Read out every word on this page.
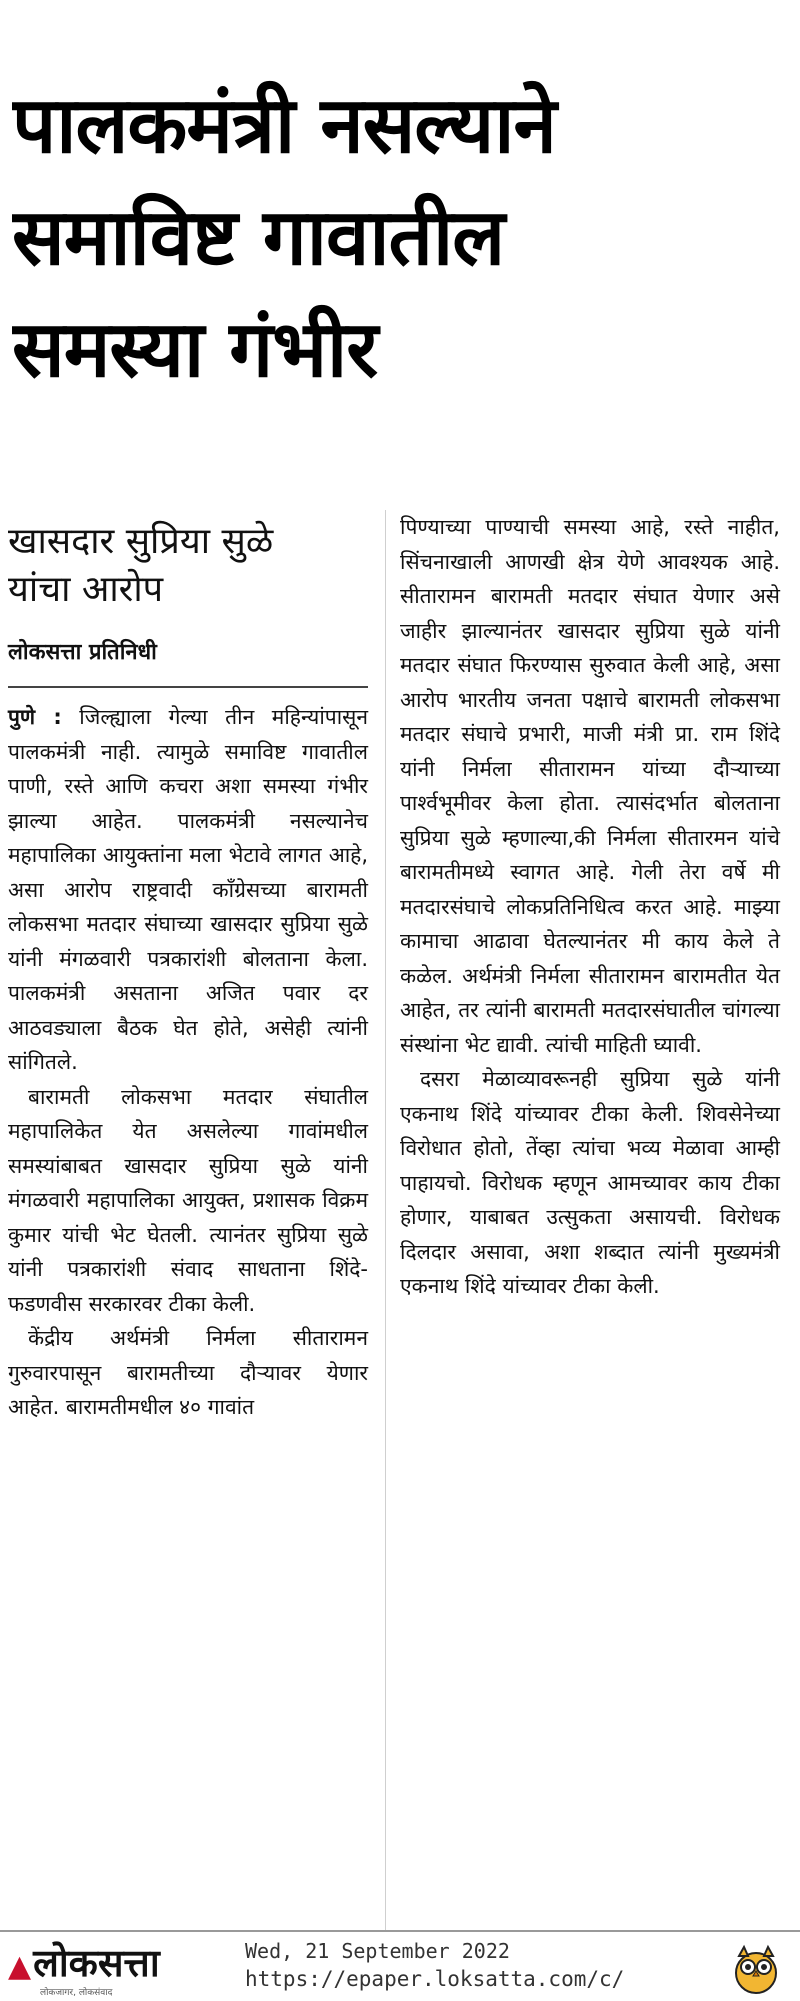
पालकमंत्री नसल्याने
समाविष्ट गावातील
समस्या गंभीर
खासदार सुप्रिया सुळे
यांचा आरोप
लोकसत्ता प्रतिनिधी

पुणे : जिल्ह्याला गेल्या तीन महिन्यांपासून पालकमंत्री नाही. त्यामुळे समाविष्ट गावातील पाणी, रस्ते आणि कचरा अशा समस्या गंभीर झाल्या आहेत. पालकमंत्री नसल्यानेच महापालिका आयुक्तांना मला भेटावे लागत आहे, असा आरोप राष्ट्रवादी काँग्रेसच्या बारामती लोकसभा मतदार संघाच्या खासदार सुप्रिया सुळे यांनी मंगळवारी पत्रकारांशी बोलताना केला. पालकमंत्री असताना अजित पवार दर आठवड्याला बैठक घेत होते, असेही त्यांनी सांगितले.

बारामती लोकसभा मतदार संघातील महापालिकेत येत असलेल्या गावांमधील समस्यांबाबत खासदार सुप्रिया सुळे यांनी मंगळवारी महापालिका आयुक्त, प्रशासक विक्रम कुमार यांची भेट घेतली. त्यानंतर सुप्रिया सुळे यांनी पत्रकारांशी संवाद साधताना शिंदे-फडणवीस सरकारवर टीका केली.

केंद्रीय अर्थमंत्री निर्मला सीतारामन गुरुवारपासून बारामतीच्या दौऱ्यावर येणार आहेत. बारामतीमधील ४० गावांत

पिण्याच्या पाण्याची समस्या आहे, रस्ते नाहीत, सिंचनाखाली आणखी क्षेत्र येणे आवश्यक आहे. सीतारामन बारामती मतदार संघात येणार असे जाहीर झाल्यानंतर खासदार सुप्रिया सुळे यांनी मतदार संघात फिरण्यास सुरुवात केली आहे, असा आरोप भारतीय जनता पक्षाचे बारामती लोकसभा मतदार संघाचे प्रभारी, माजी मंत्री प्रा. राम शिंदे यांनी निर्मला सीतारामन यांच्या दौऱ्याच्या पार्श्वभूमीवर केला होता. त्यासंदर्भात बोलताना सुप्रिया सुळे म्हणाल्या,की निर्मला सीतारमन यांचे बारामतीमध्ये स्वागत आहे. गेली तेरा वर्षे मी मतदारसंघाचे लोकप्रतिनिधित्व करत आहे. माझ्या कामाचा आढावा घेतल्यानंतर मी काय केले ते कळेल. अर्थमंत्री निर्मला सीतारामन बारामतीत येत आहेत, तर त्यांनी बारामती मतदारसंघातील चांगल्या संस्थांना भेट द्यावी. त्यांची माहिती घ्यावी.

दसरा मेळाव्यावरूनही सुप्रिया सुळे यांनी एकनाथ शिंदे यांच्यावर टीका केली. शिवसेनेच्या विरोधात होतो, तेंव्हा त्यांचा भव्य मेळावा आम्ही पाहायचो. विरोधक म्हणून आमच्यावर काय टीका होणार, याबाबत उत्सुकता असायची. विरोधक दिलदार असावा, अशा शब्दात त्यांनी मुख्यमंत्री एकनाथ शिंदे यांच्यावर टीका केली.

▲लोकसत्ता
लोकजागर, लोकसंवाद
Wed, 21 September 2022
https://epaper.loksatta.com/c/
